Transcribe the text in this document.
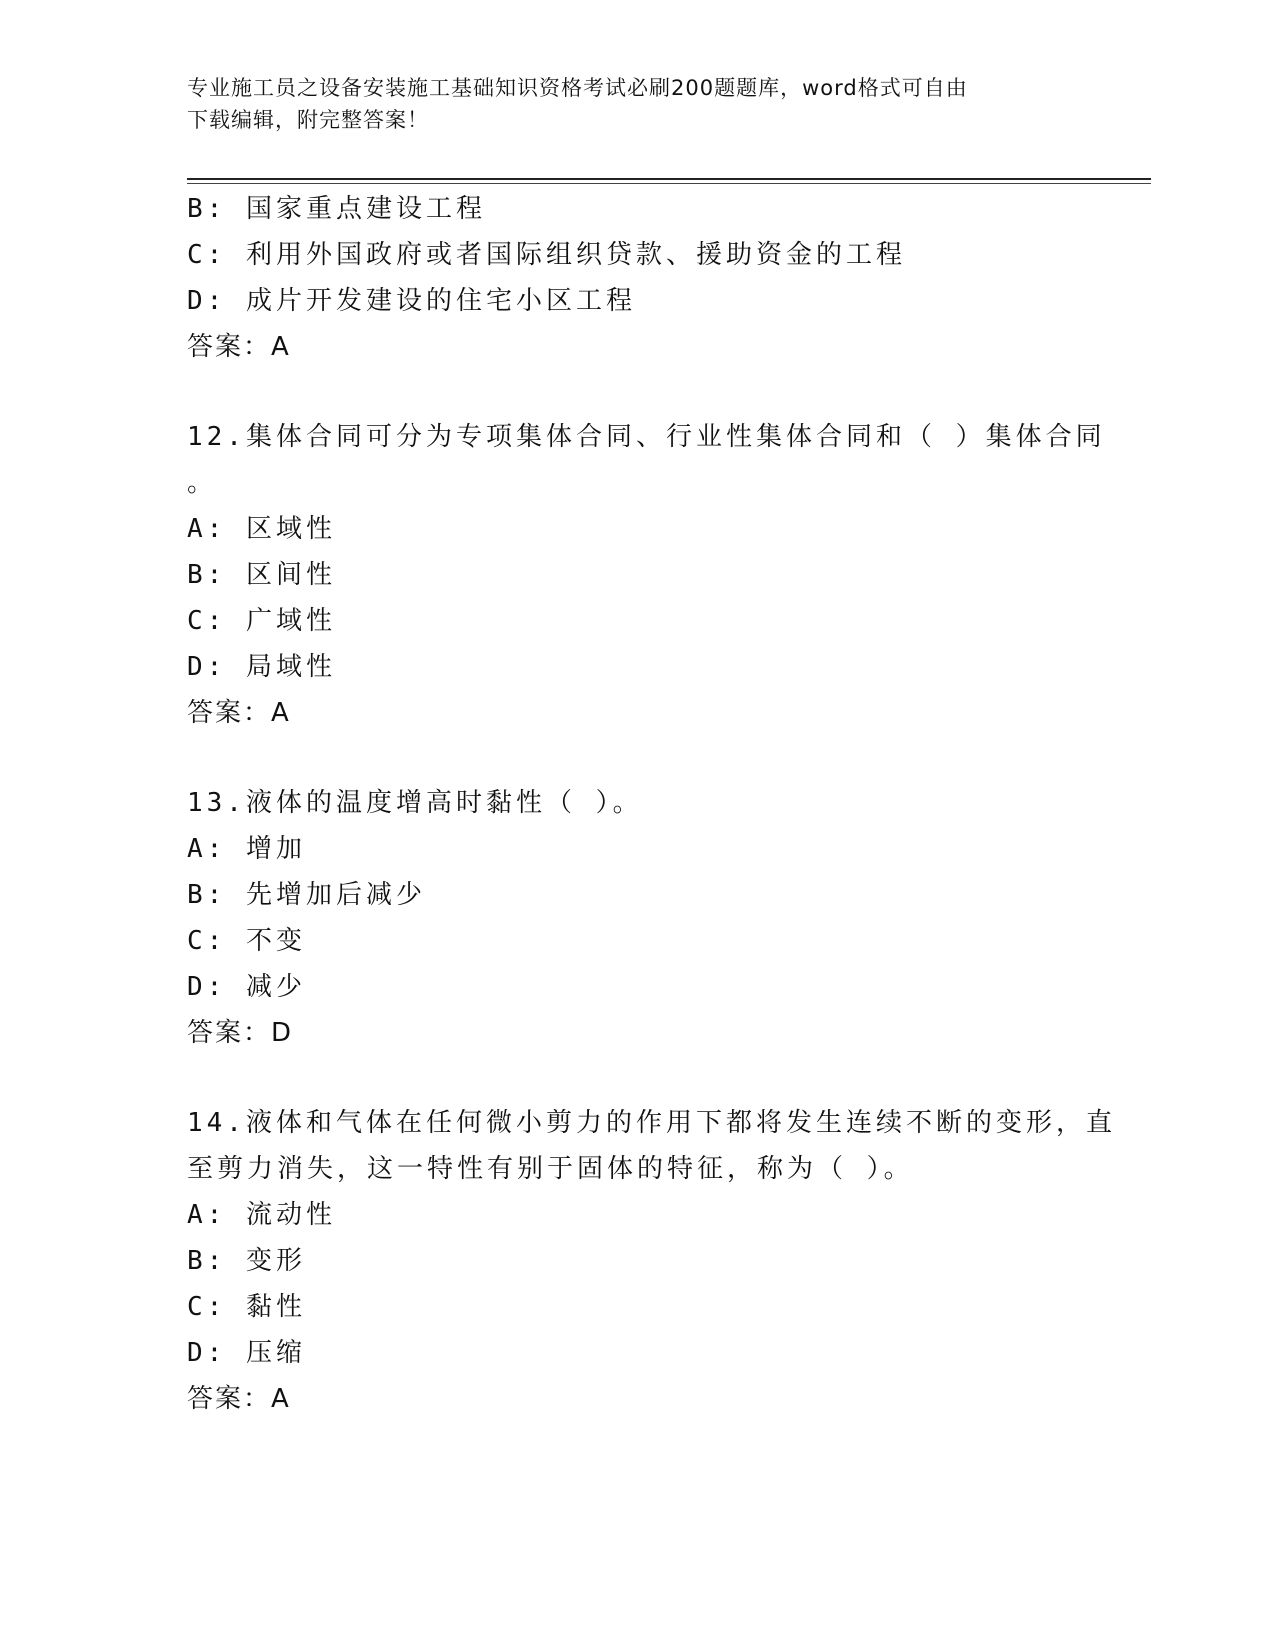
专业施工员之设备安装施工基础知识资格考试必刷200题题库，word格式可自由
下载编辑，附完整答案！
B: 国家重点建设工程
C: 利用外国政府或者国际组织贷款、援助资金的工程
D: 成片开发建设的住宅小区工程
答案：A
12.集体合同可分为专项集体合同、行业性集体合同和（ ）集体合同
。
A: 区域性
B: 区间性
C: 广域性
D: 局域性
答案：A
13.液体的温度增高时黏性（ ）。
A: 增加
B: 先增加后减少
C: 不变
D: 减少
答案：D
14.液体和气体在任何微小剪力的作用下都将发生连续不断的变形，直
至剪力消失，这一特性有别于固体的特征，称为（ ）。
A: 流动性
B: 变形
C: 黏性
D: 压缩
答案：A
